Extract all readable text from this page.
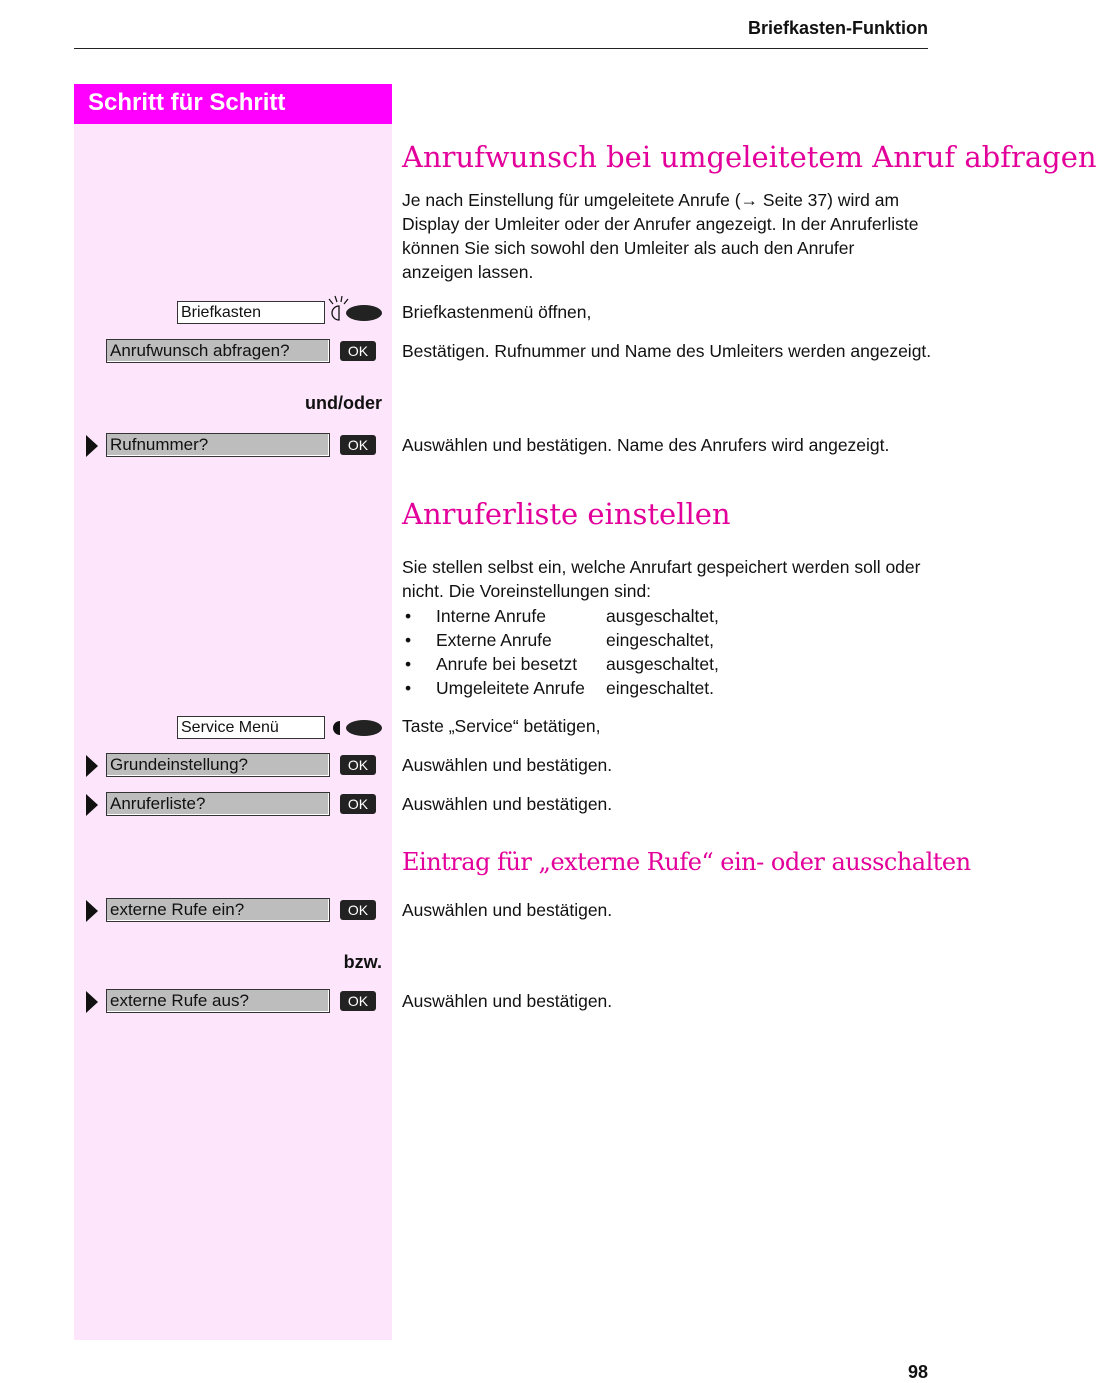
Briefkasten-Funktion
Schritt für Schritt
Anrufwunsch bei umgeleitetem Anruf abfragen
Je nach Einstellung für umgeleitete Anrufe (→ Seite 37) wird am Display der Umleiter oder der Anrufer angezeigt. In der Anruferliste können Sie sich sowohl den Umleiter als auch den Anrufer anzeigen lassen.
Briefkasten	Briefkastenmenü öffnen,
Anrufwunsch abfragen?	OK	Bestätigen. Rufnummer und Name des Umleiters werden angezeigt.
und/oder
Rufnummer?	OK	Auswählen und bestätigen. Name des Anrufers wird angezeigt.
Anruferliste einstellen
Sie stellen selbst ein, welche Anrufart gespeichert werden soll oder nicht. Die Voreinstellungen sind:
• Interne Anrufe	ausgeschaltet,
• Externe Anrufe	eingeschaltet,
• Anrufe bei besetzt ausgeschaltet,
• Umgeleitete Anrufe eingeschaltet.
Service Menü	Taste „Service“ betätigen,
Grundeinstellung?	OK	Auswählen und bestätigen.
Anruferliste?	OK	Auswählen und bestätigen.
Eintrag für „externe Rufe“ ein- oder ausschalten
externe Rufe ein?	OK	Auswählen und bestätigen.
bzw.
externe Rufe aus?	OK	Auswählen und bestätigen.
98
